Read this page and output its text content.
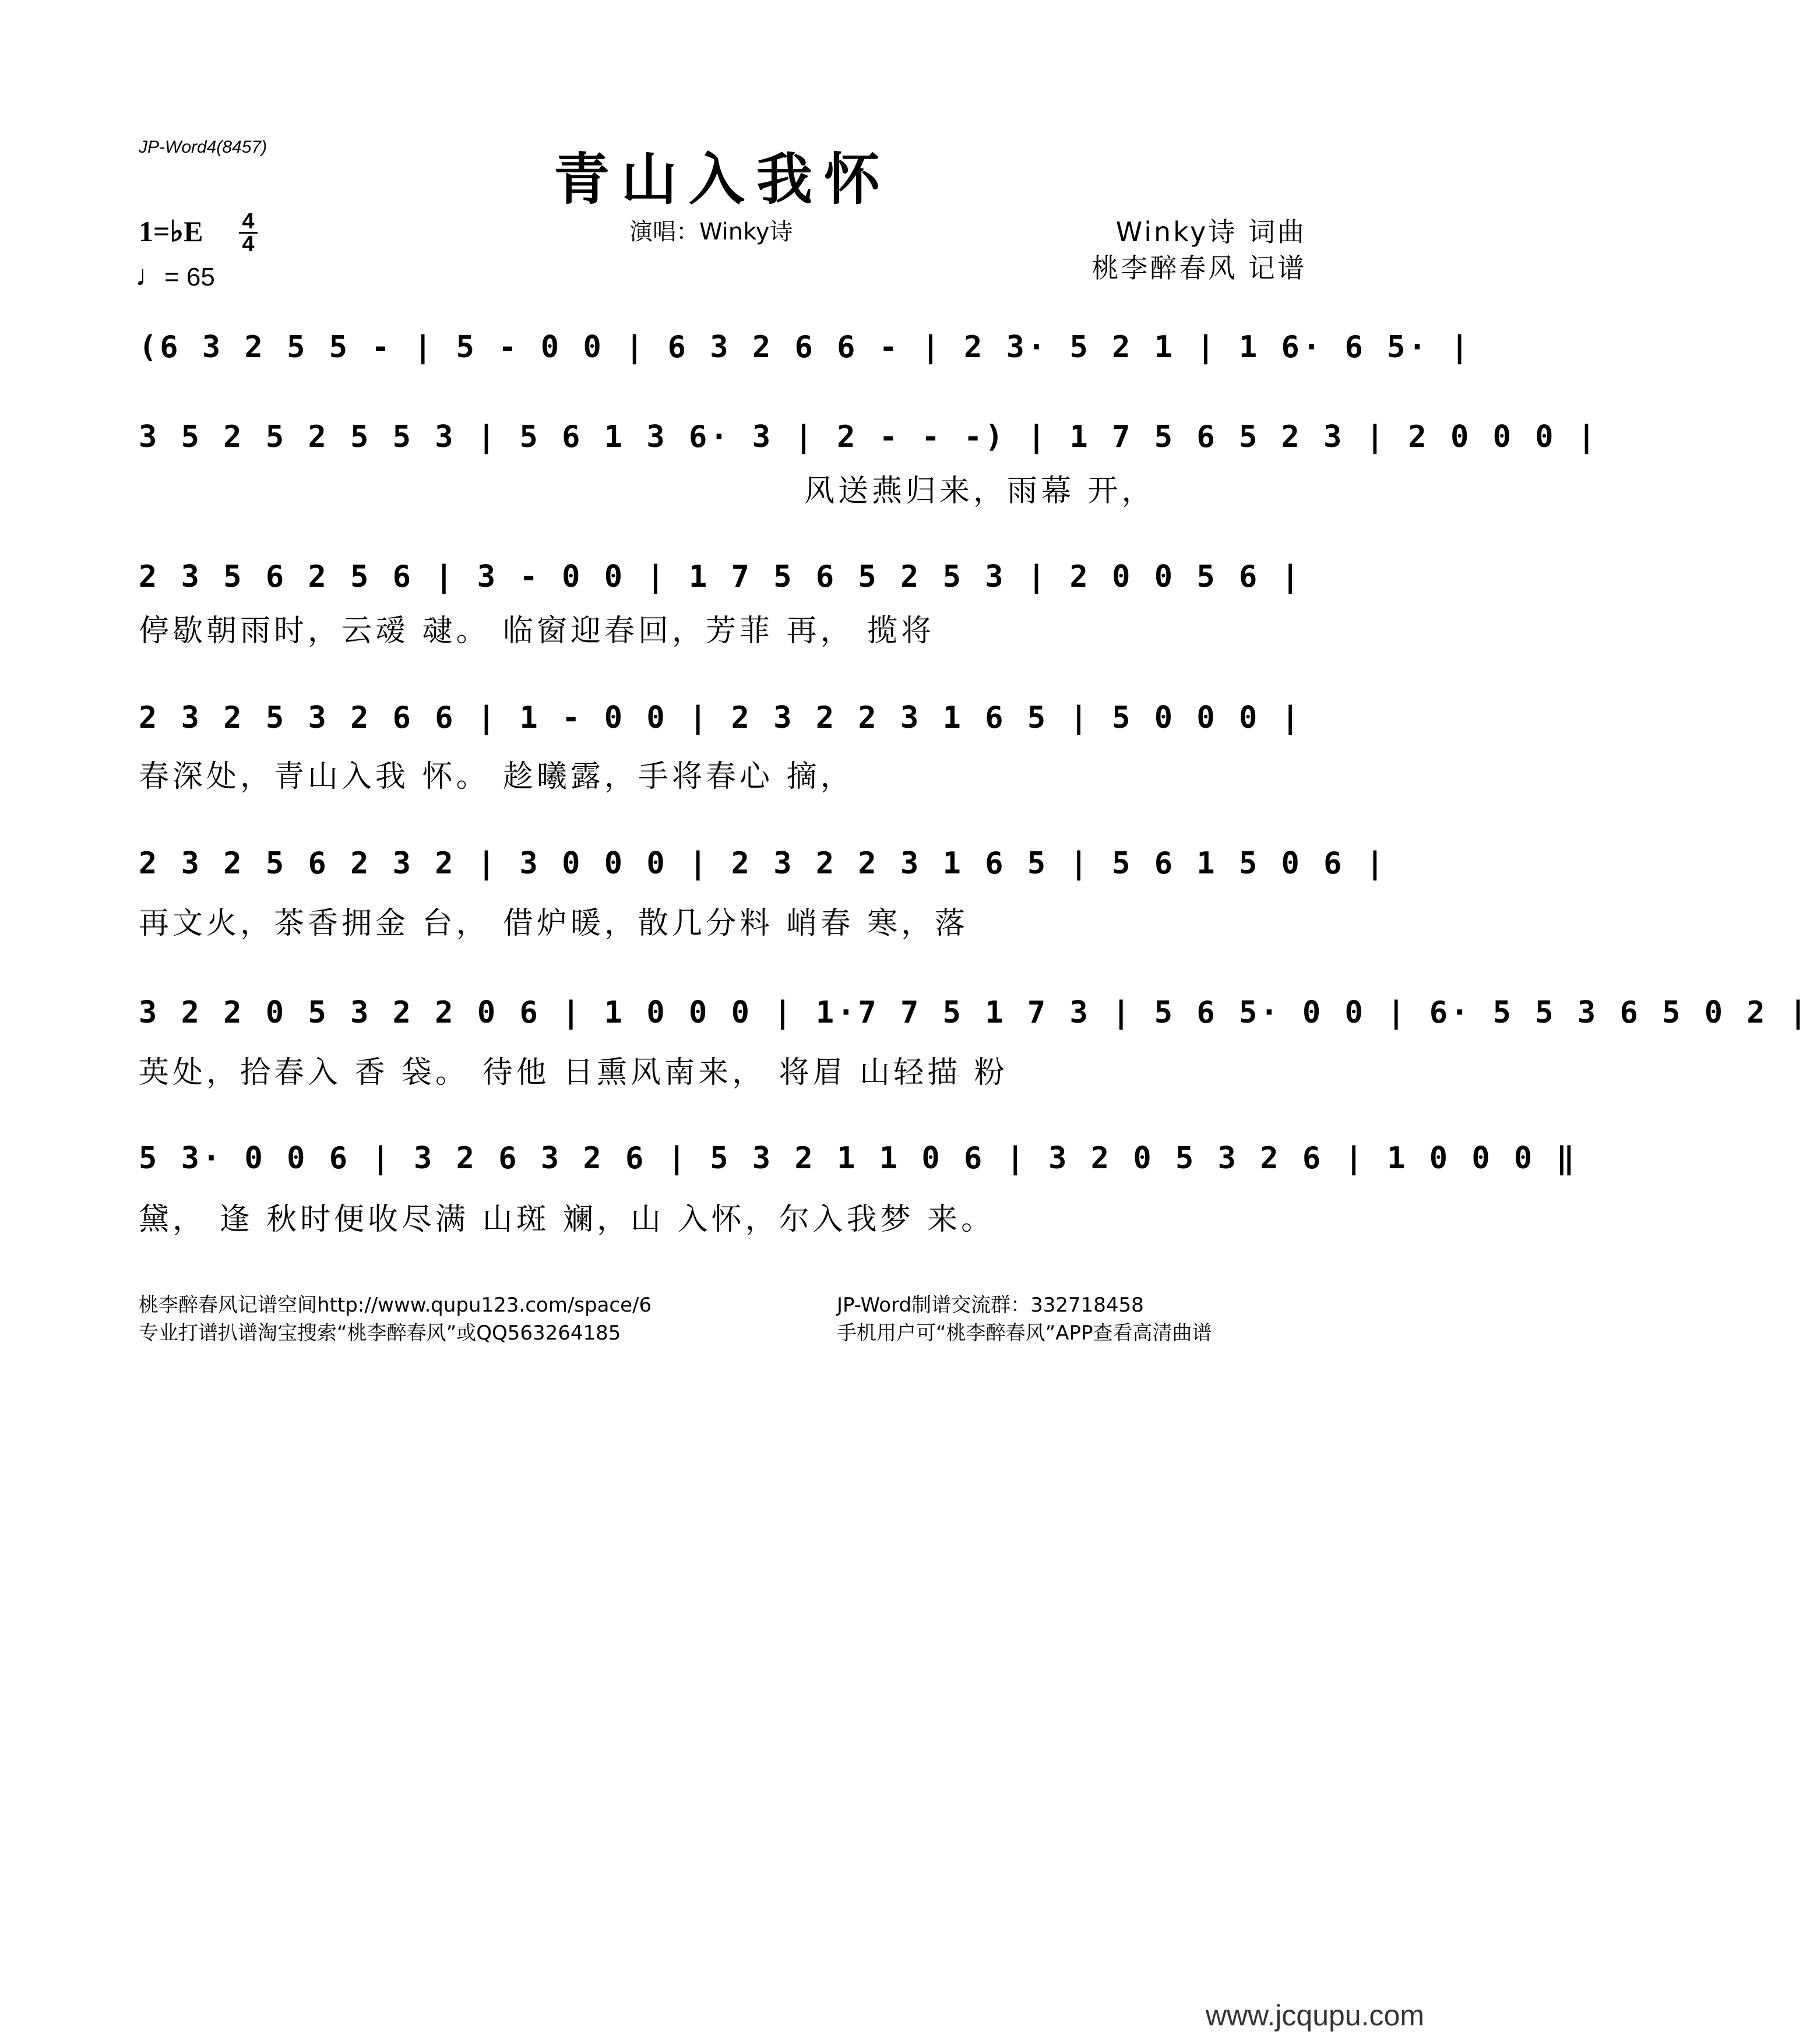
JP-Word4(8457)	青山入我怀
1=♭E 4
4
♩= 65
演唱：Winky诗	Winky诗 词曲
桃李醉春风 记谱
(6 3 2 5 5 - | 5 - 0 0 | 6 3 2 6 6 - | 2 3· 5 2 1 | 1 6· 6 5· |
3 5 2 5 2 5 5 3 | 5 6 1 3 6· 3 | 2 - - -) | 1 7 5 6 5 2 3 | 2 0 0 0 |
风送燕归来，雨幕 开，
2 3 5 6 2 5 6 | 3 - 0 0 | 1 7 5 6 5 2 5 3 | 2 0 0 5 6 |
停歇朝雨时，云叆 叇。 临窗迎春回，芳菲 再， 揽将
2 3 2 5 3 2 6 6 | 1 - 0 0 | 2 3 2 2 3 1 6 5 | 5 0 0 0 |
春深处，青山入我 怀。 趁曦露，手将春心 摘，
2 3 2 5 6 2 3 2 | 3 0 0 0 | 2 3 2 2 3 1 6 5 | 5 6 1 5 0 6 |
再文火，茶香拥金 台， 借炉暖，散几分料 峭春 寒，落
3 2 2 0 5 3 2 2 0 6 | 1 0 0 0 | 1·7 7 5 1 7 3 | 5 6 5· 0 0 | 6· 5 5 3 6 5 0 2 |
英处，拾春入 香 袋。 待他 日熏风南来， 将眉 山轻描 粉
5 3· 0 0 6 | 3 2 6 3 2 6 | 5 3 2 1 1 0 6 | 3 2 0 5 3 2 6 | 1 0 0 0 ‖
黛， 逢 秋时便收尽满 山斑 斓，山 入怀，尔入我梦 来。
桃李醉春风记谱空间http://www.qupu123.com/space/6
专业打谱扒谱淘宝搜索“桃李醉春风”或QQ563264185
JP-Word制谱交流群：332718458
手机用户可“桃李醉春风”APP查看高清曲谱
www.jcqupu.com
